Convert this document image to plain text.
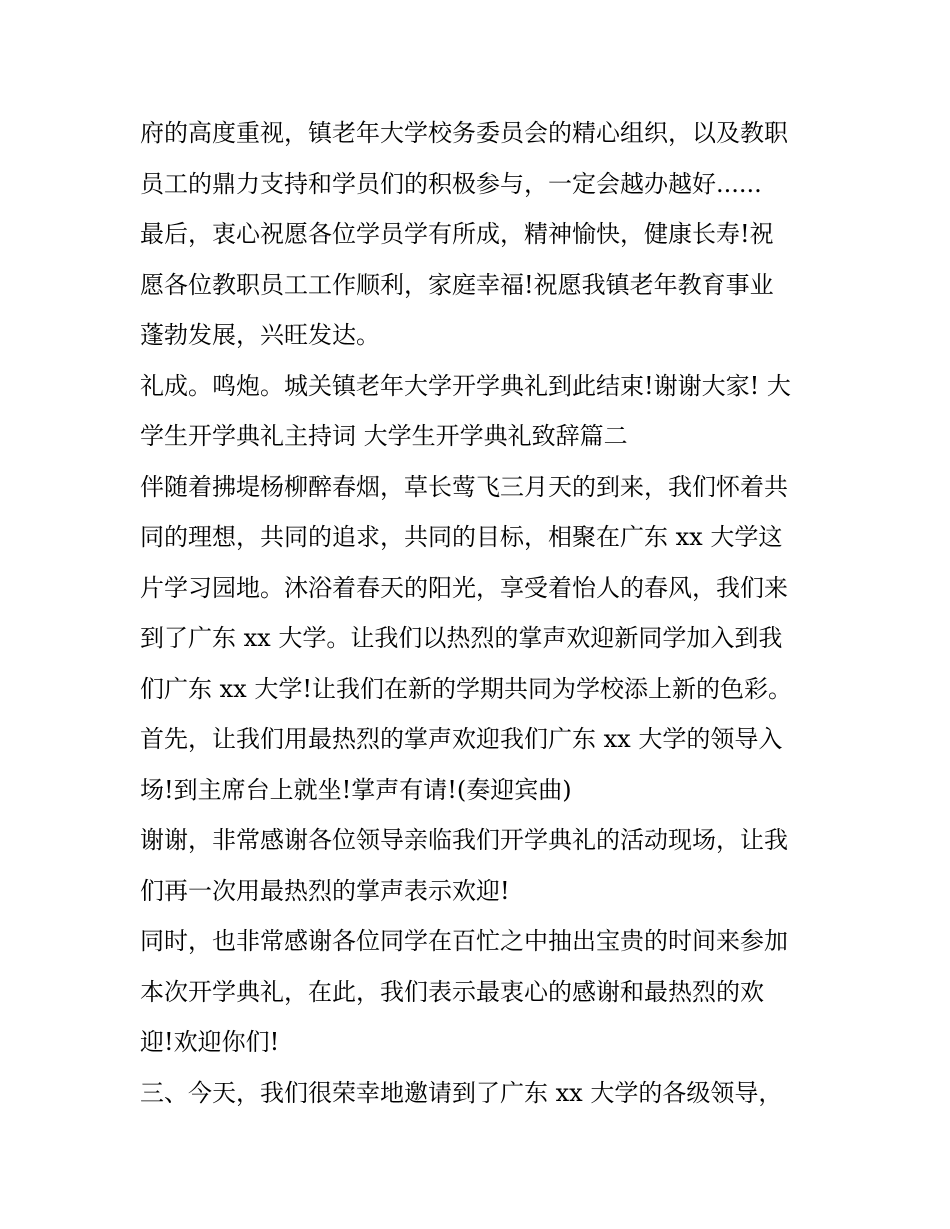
府的高度重视，镇老年大学校务委员会的精心组织，以及教职
员工的鼎力支持和学员们的积极参与，一定会越办越好......
最后，衷心祝愿各位学员学有所成，精神愉快，健康长寿!祝
愿各位教职员工工作顺利，家庭幸福!祝愿我镇老年教育事业
蓬勃发展，兴旺发达。
礼成。鸣炮。城关镇老年大学开学典礼到此结束!谢谢大家! 大
学生开学典礼主持词 大学生开学典礼致辞篇二
伴随着拂堤杨柳醉春烟，草长莺飞三月天的到来，我们怀着共
同的理想，共同的追求，共同的目标，相聚在广东 xx 大学这
片学习园地。沐浴着春天的阳光，享受着怡人的春风，我们来
到了广东 xx 大学。让我们以热烈的掌声欢迎新同学加入到我
们广东 xx 大学!让我们在新的学期共同为学校添上新的色彩。
首先，让我们用最热烈的掌声欢迎我们广东 xx 大学的领导入
场!到主席台上就坐!掌声有请!(奏迎宾曲)
谢谢，非常感谢各位领导亲临我们开学典礼的活动现场，让我
们再一次用最热烈的掌声表示欢迎!
同时，也非常感谢各位同学在百忙之中抽出宝贵的时间来参加
本次开学典礼，在此，我们表示最衷心的感谢和最热烈的欢
迎!欢迎你们!
三、今天，我们很荣幸地邀请到了广东 xx 大学的各级领导，
